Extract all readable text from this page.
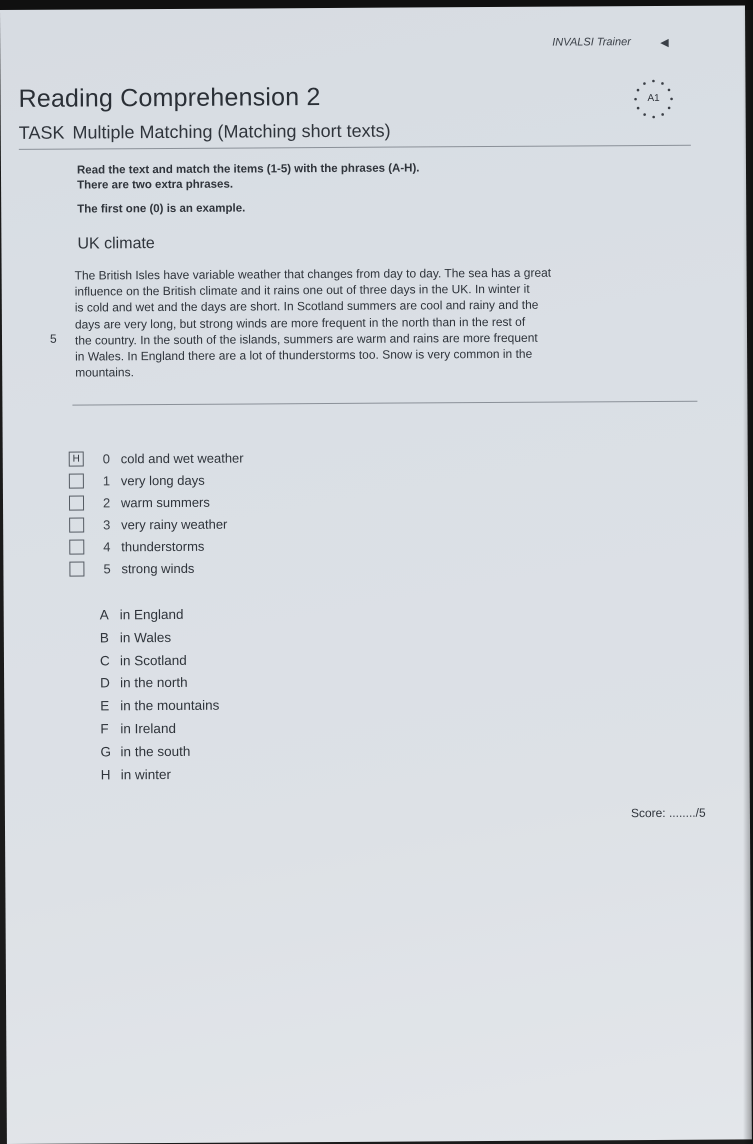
INVALSI Trainer	◀
Reading Comprehension 2	A1
TASK Multiple Matching (Matching short texts)
Read the text and match the items (1-5) with the phrases (A-H).
There are two extra phrases.
The first one (0) is an example.
UK climate
5
The British Isles have variable weather that changes from day to day. The sea has a great
influence on the British climate and it rains one out of three days in the UK. In winter it
is cold and wet and the days are short. In Scotland summers are cool and rainy and the
days are very long, but strong winds are more frequent in the north than in the rest of
the country. In the south of the islands, summers are warm and rains are more frequent
in Wales. In England there are a lot of thunderstorms too. Snow is very common in the
mountains.
H	0 cold and wet weather
1 very long days
2 warm summers
3 very rainy weather
4 thunderstorms
5 strong winds
A in England
B in Wales
C in Scotland
D in the north
E in the mountains
F in Ireland
G in the south
H in winter
Score: ......../5
